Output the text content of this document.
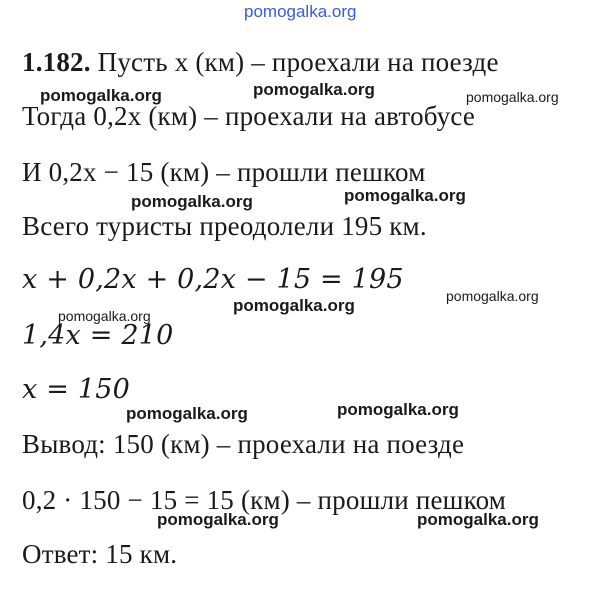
pomogalka.org
1.182. Пусть x (км) – проехали на поезде
Тогда 0,2x (км) – проехали на автобусе
И 0,2x − 15 (км) – прошли пешком
Всего туристы преодолели 195 км.
x + 0,2x + 0,2x − 15 = 195
1,4x = 210
x = 150
Вывод: 150 (км) – проехали на поезде
0,2 · 150 − 15 = 15 (км) – прошли пешком
Ответ: 15 км.
pomogalka.org	pomogalka.org	pomogalka.org
pomogalka.org	pomogalka.org
pomogalka.org
pomogalka.org
pomogalka.org
pomogalka.org	pomogalka.org
pomogalka.org	pomogalka.org
